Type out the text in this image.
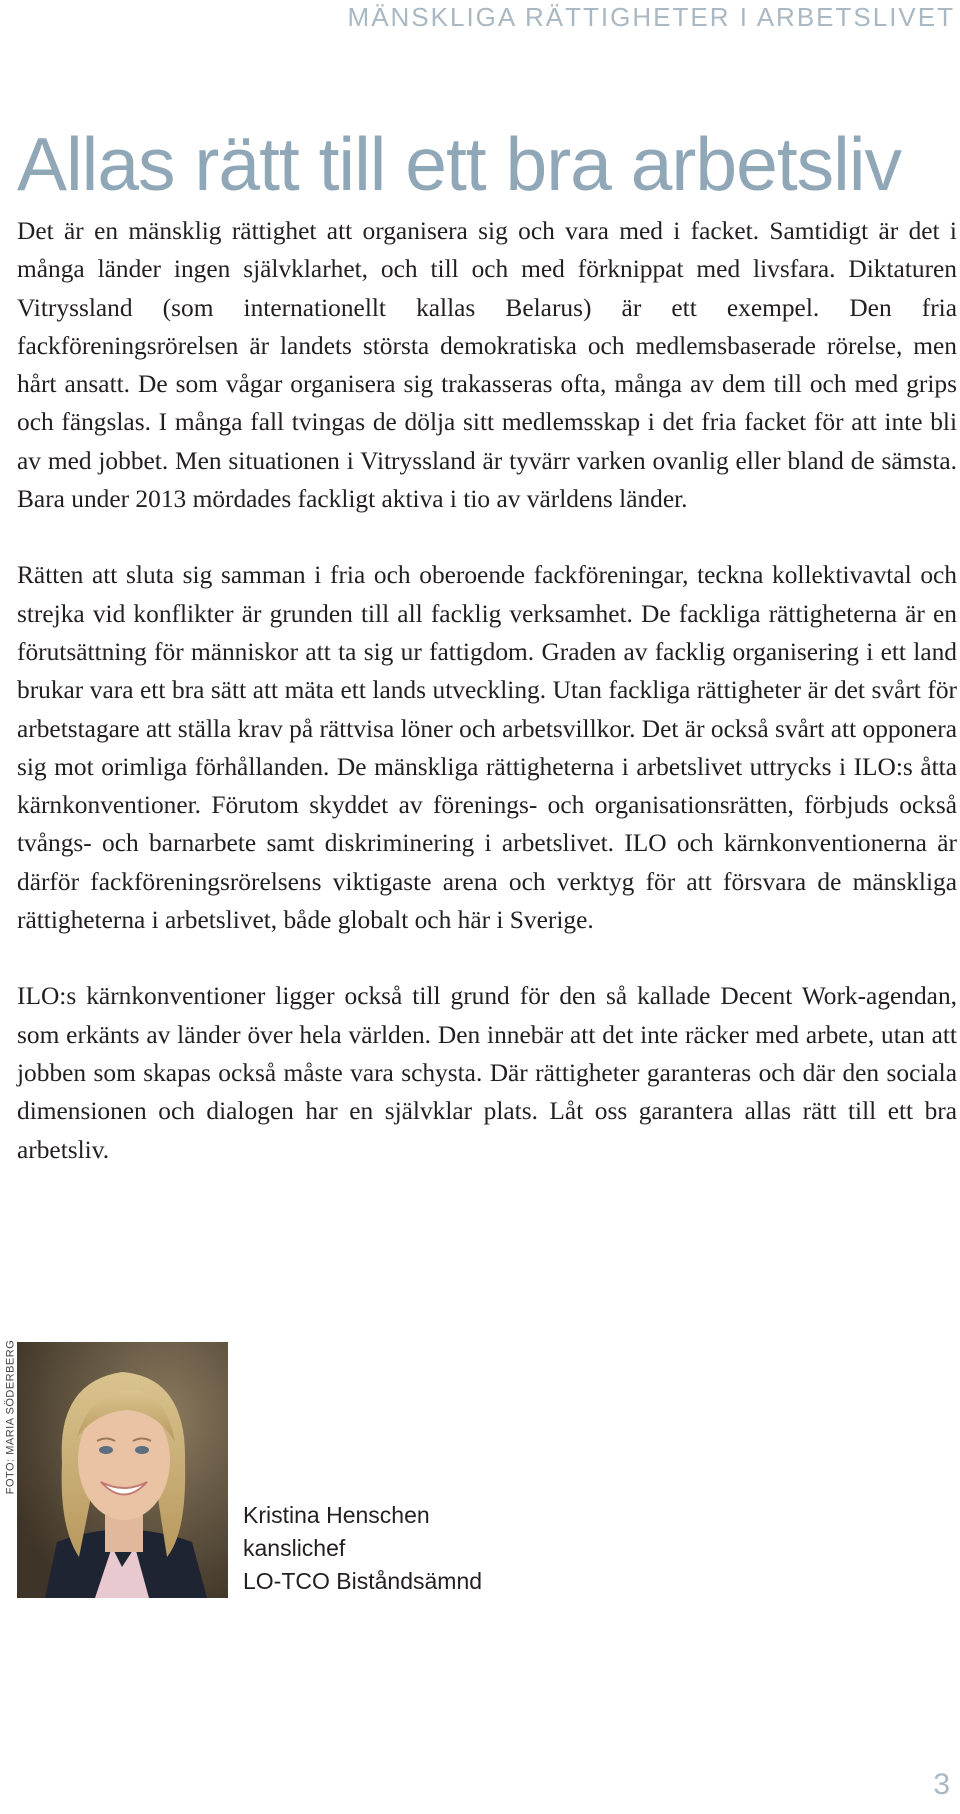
MÄNSKLIGA RÄTTIGHETER I ARBETSLIVET
Allas rätt till ett bra arbetsliv

Det är en mänsklig rättighet att organisera sig och vara med i facket. Samtidigt är det i många länder ingen självklarhet, och till och med förknippat med livsfara. Diktaturen Vitryssland (som internationellt kallas Belarus) är ett exempel. Den fria fackföreningsrörelsen är landets största demokratiska och medlemsbaserade rörelse, men hårt ansatt. De som vågar organisera sig trakasseras ofta, många av dem till och med grips och fängslas. I många fall tvingas de dölja sitt medlemsskap i det fria facket för att inte bli av med jobbet. Men situationen i Vitryssland är tyvärr varken ovanlig eller bland de sämsta. Bara under 2013 mördades fackligt aktiva i tio av världens länder.

Rätten att sluta sig samman i fria och oberoende fackföreningar, teckna kollektivavtal och strejka vid konflikter är grunden till all facklig verksamhet. De fackliga rättigheterna är en förutsättning för människor att ta sig ur fattigdom. Graden av facklig organisering i ett land brukar vara ett bra sätt att mäta ett lands utveckling. Utan fackliga rättigheter är det svårt för arbetstagare att ställa krav på rättvisa löner och arbetsvillkor. Det är också svårt att opponera sig mot orimliga förhållanden. De mänskliga rättigheterna i arbetslivet uttrycks i ILO:s åtta kärnkonventioner. Förutom skyddet av förenings- och organisationsrätten, förbjuds också tvångs- och barnarbete samt diskriminering i arbetslivet. ILO och kärnkonventionerna är därför fackföreningsrörelsens viktigaste arena och verktyg för att försvara de mänskliga rättigheterna i arbetslivet, både globalt och här i Sverige.

ILO:s kärnkonventioner ligger också till grund för den så kallade Decent Work-agendan, som erkänts av länder över hela världen. Den innebär att det inte räcker med arbete, utan att jobben som skapas också måste vara schysta. Där rättigheter garanteras och där den sociala dimensionen och dialogen har en självklar plats. Låt oss garantera allas rätt till ett bra arbetsliv.

FOTO: MARIA SÖDERBERG
Kristina Henschen
kanslichef
LO-TCO Biståndsämnd
3
